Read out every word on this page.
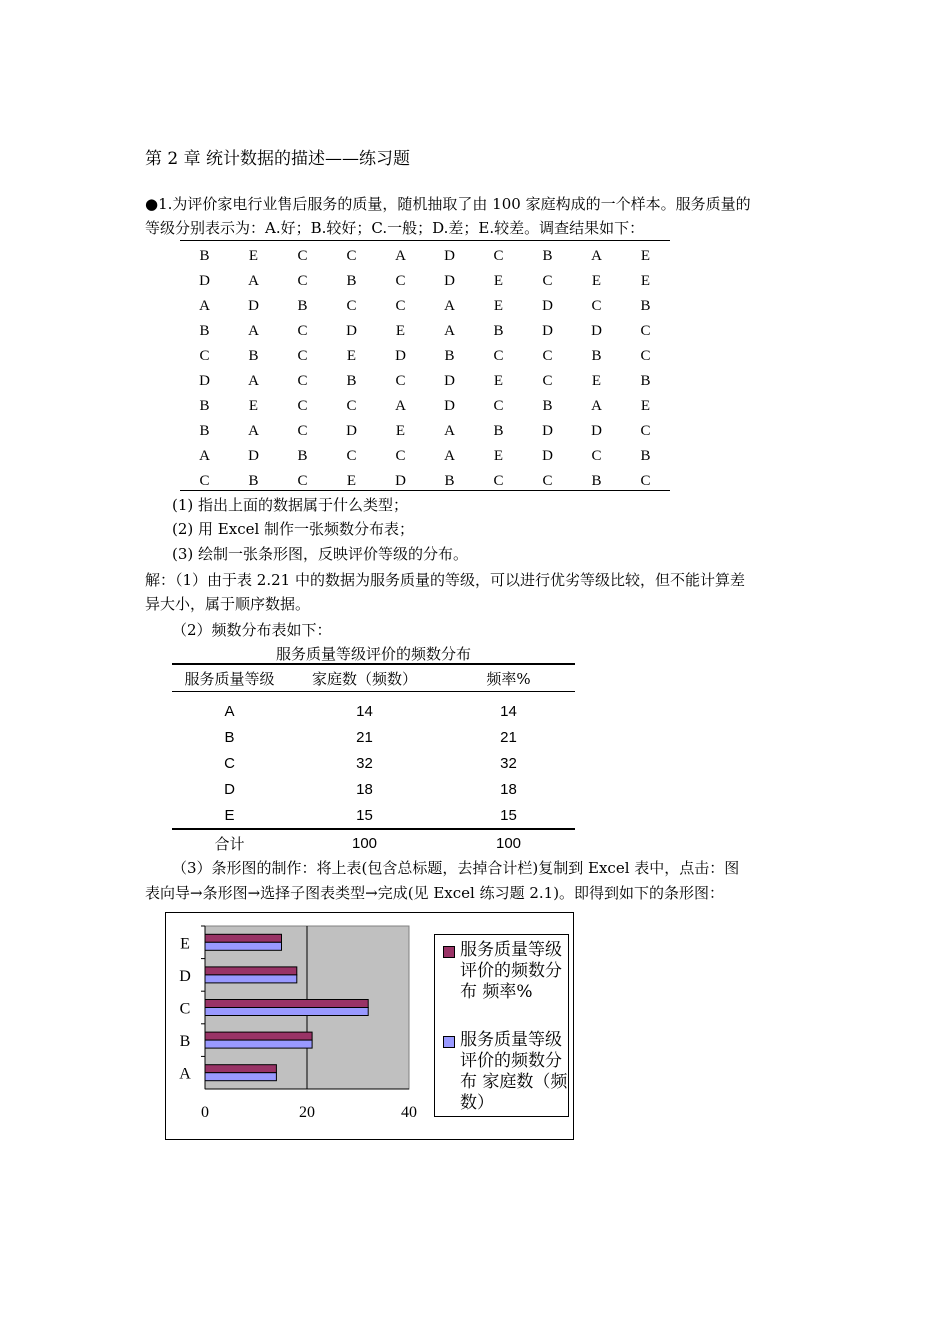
第 2 章 统计数据的描述——练习题
●1.为评价家电行业售后服务的质量，随机抽取了由 100 家庭构成的一个样本。服务质量的
等级分别表示为：A.好；B.较好；C.一般；D.差；E.较差。调查结果如下：
B	E	C	C	A	D	C	B	A	E
D	A	C	B	C	D	E	C	E	E
A	D	B	C	C	A	E	D	C	B
B	A	C	D	E	A	B	D	D	C
C	B	C	E	D	B	C	C	B	C
D	A	C	B	C	D	E	C	E	B
B	E	C	C	A	D	C	B	A	E
B	A	C	D	E	A	B	D	D	C
A	D	B	C	C	A	E	D	C	B
C	B	C	E	D	B	C	C	B	C
(1) 指出上面的数据属于什么类型；
(2) 用 Excel 制作一张频数分布表；
(3) 绘制一张条形图，反映评价等级的分布。
解：（1）由于表 2.21 中的数据为服务质量的等级，可以进行优劣等级比较，但不能计算差
异大小，属于顺序数据。
（2）频数分布表如下：
服务质量等级评价的频数分布
服务质量等级	家庭数（频数）	频率%
A	14	14
B	21	21
C	32	32
D	18	18
E	15	15
合计	100	100
（3）条形图的制作：将上表(包含总标题，去掉合计栏)复制到 Excel 表中，点击：图
表向导→条形图→选择子图表类型→完成(见 Excel 练习题 2.1)。即得到如下的条形图：
A
B
C
D
E
0	20	40
服务质量等级评价的频数分布 频率%
服务质量等级评价的频数分布 家庭数（频数）
